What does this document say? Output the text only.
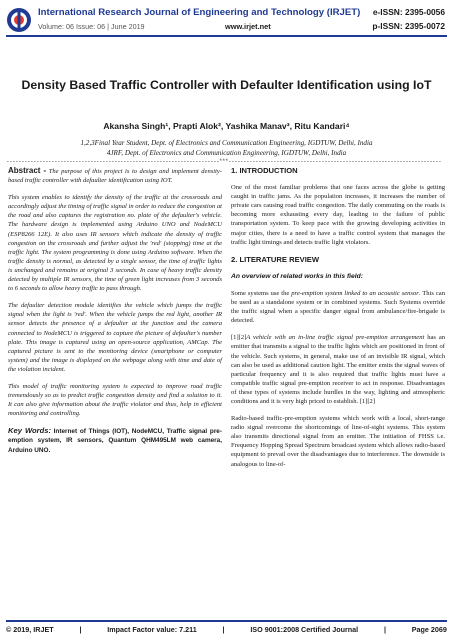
International Research Journal of Engineering and Technology (IRJET) e-ISSN: 2395-0056
Volume: 06 Issue: 06 | June 2019	www.irjet.net	p-ISSN: 2395-0072
Density Based Traffic Controller with Defaulter Identification using IoT
Akansha Singh¹, Prapti Alok², Yashika Manav³, Ritu Kandari⁴
1,2,3Final Year Student, Dept. of Electronics and Communication Engineering, IGDTUW, Delhi, India
4JRF, Dept. of Electronics and Communication Engineering, IGDTUW, Delhi, India
-----------------------------------------------------------------------***-----------------------------------------------------------------------

Abstract - The purpose of this project is to design and implement density-based traffic controller with defaulter identification using IOT.

This system enables to identify the density of the traffic at the crossroads and accordingly adjust the timing of traffic signal in order to reduce the congestion at the road and also captures the registration no. plate of the defaulter's vehicle. The hardware design is implemented using Arduino UNO and NodeMCU (ESP8266 12E). It also uses IR sensors which indicate the density of traffic congestion on the crossroads and further adjust the 'red' (stopping) time at the traffic light. The system programming is done using Arduino software. When the traffic density is normal, as detected by a single sensor, the time of traffic lights is unchanged and remains at original 3 seconds. In case of heavy traffic density detected by multiple IR sensors, the time of green light increases from 3 seconds to 6 seconds to allow heavy traffic to pass through.

The defaulter detection module identifies the vehicle which jumps the traffic signal when the light is 'red'. When the vehicle jumps the red light, another IR sensor detects the presence of a defaulter at the junction and the camera connected to NodeMCU is triggered to capture the picture of defaulter's number plate. This image is captured using an open-source application, AMCap. The captured picture is sent to the monitoring device (smartphone or computer system) and the image is displayed on the webpage along with time and date of the violation incident.

This model of traffic monitoring system is expected to improve road traffic tremendously so as to predict traffic congestion density and find a solution to it. It can also give information about the traffic violator and thus, help in efficient monitoring and controlling.

Key Words: Internet of Things (IOT), NodeMCU, Traffic signal pre-emption system, IR sensors, Quantum QHM495LM web camera, Arduino UNO.

1. INTRODUCTION

One of the most familiar problems that one faces across the globe is getting caught in traffic jams. As the population increases, it increases the number of private cars causing road traffic congestion. The daily commuting on the roads is becoming more exhausting every day, leading to the failure of public transportation system. To keep pace with the growing developing activities in major cities, there is a need to have a traffic control system that manages the traffic light timings and detects traffic light violators.

2. LITERATURE REVIEW
An overview of related works in this field:

Some systems use the pre-emption system linked to an acoustic sensor. This can be used as a standalone system or in combined systems. Such Systems override the traffic signal when a specific danger signal from ambulance/fire-brigade is detected.

[1][2]A vehicle with an in-line traffic signal pre-emption arrangement has an emitter that transmits a signal to the traffic lights which are positioned in front of the vehicle. Such systems, in general, make use of an invisible IR signal, which can also be used as additional caution light. The emitter emits the signal waves of particular frequency and it is also required that traffic lights must have a compatible traffic signal pre-emption receiver to act in response. Disadvantages of these types of systems include hurdles in the way, lighting and atmospheric conditions and it is very high priced to establish. [1][2]

Radio-based traffic-pre-emption systems which work with a local, short-range radio signal overcome the shortcomings of line-of-sight systems. This system also transmits directional signal from an emitter. The initiation of FHSS i.e. Frequency Hopping Spread Spectrum broadcast system which allows radio-based equipment to prevail over the disadvantages due to interference. The downside is analogous to line-of-

© 2019, IRJET	|	Impact Factor value: 7.211	|	ISO 9001:2008 Certified Journal	|	Page 2069
